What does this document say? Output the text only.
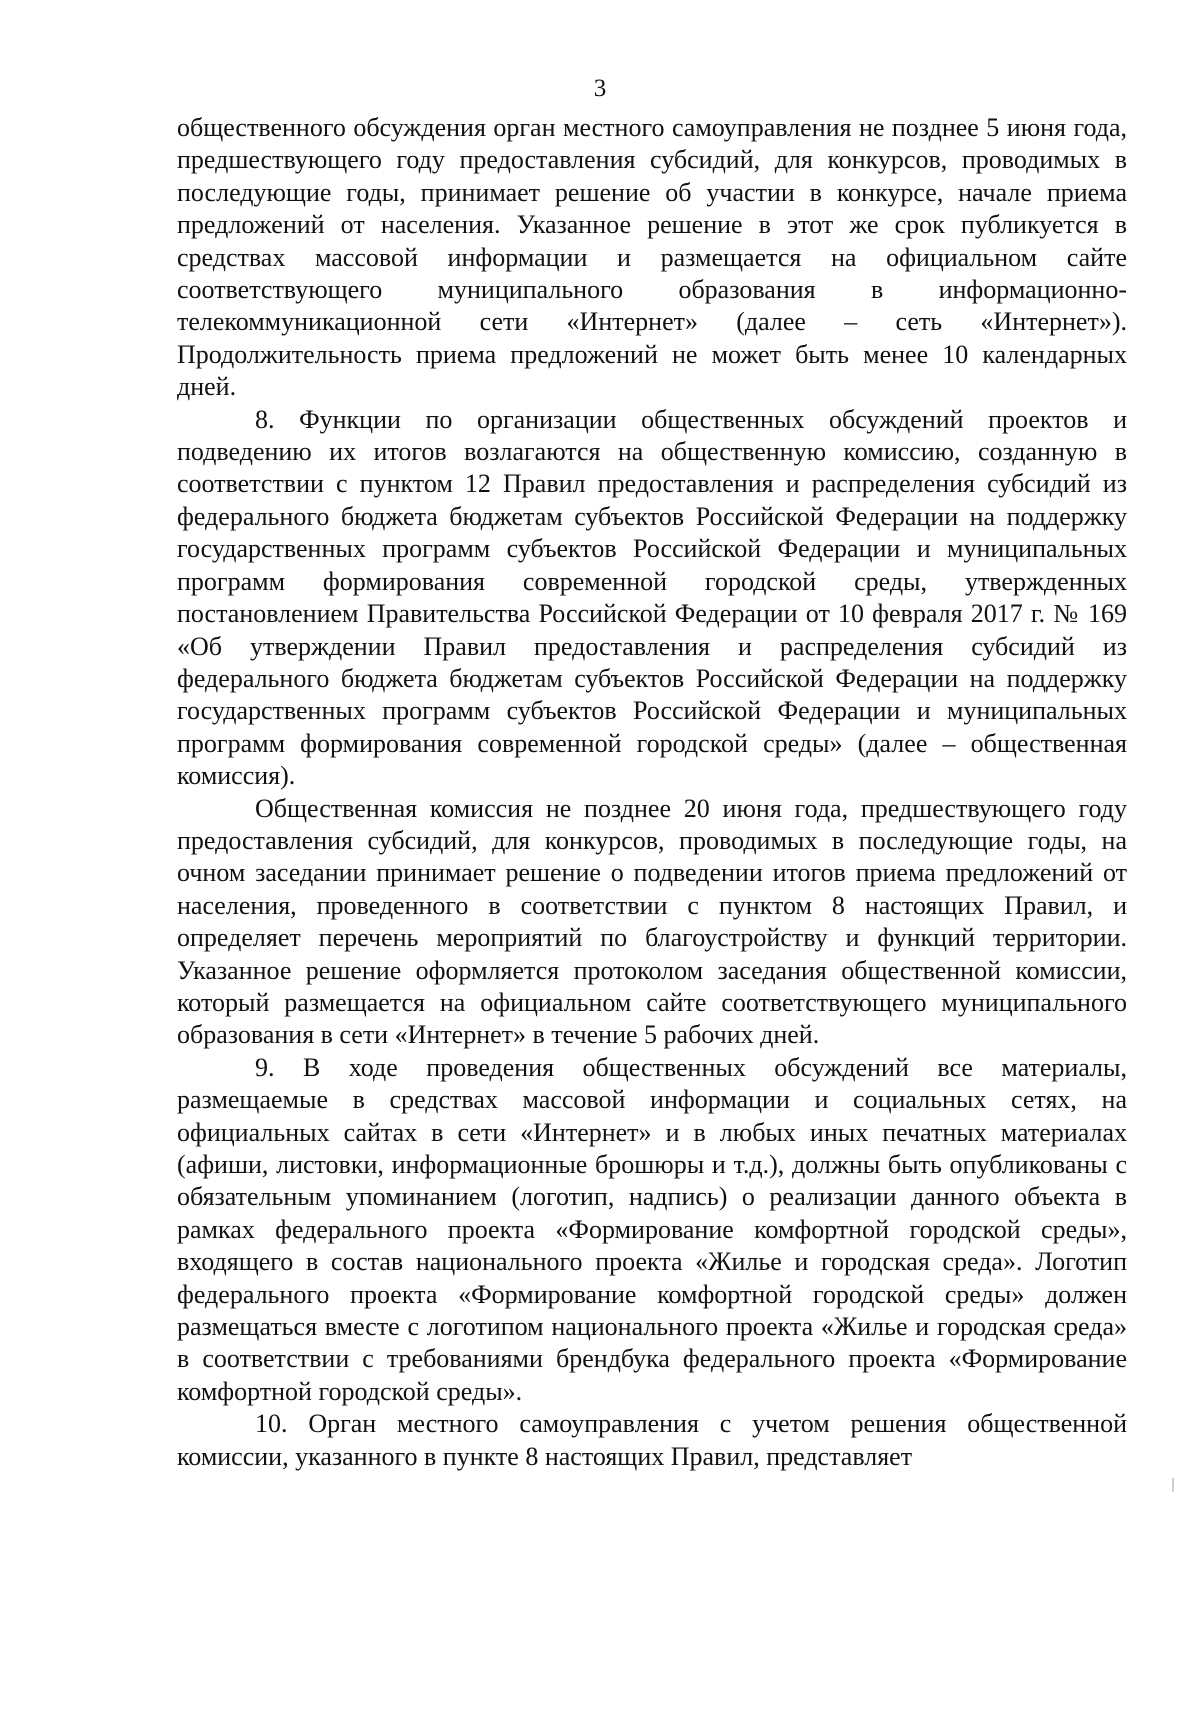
3

общественного обсуждения орган местного самоуправления не позднее 5 июня года, предшествующего году предоставления субсидий, для конкурсов, проводимых в последующие годы, принимает решение об участии в конкурсе, начале приема предложений от населения. Указанное решение в этот же срок публикуется в средствах массовой информации и размещается на официальном сайте соответствующего муниципального образования в информационно-телекоммуникационной сети «Интернет» (далее – сеть «Интернет»). Продолжительность приема предложений не может быть менее 10 календарных дней.

8. Функции по организации общественных обсуждений проектов и подведению их итогов возлагаются на общественную комиссию, созданную в соответствии с пунктом 12 Правил предоставления и распределения субсидий из федерального бюджета бюджетам субъектов Российской Федерации на поддержку государственных программ субъектов Российской Федерации и муниципальных программ формирования современной городской среды, утвержденных постановлением Правительства Российской Федерации от 10 февраля 2017 г. № 169 «Об утверждении Правил предоставления и распределения субсидий из федерального бюджета бюджетам субъектов Российской Федерации на поддержку государственных программ субъектов Российской Федерации и муниципальных программ формирования современной городской среды» (далее – общественная комиссия).

Общественная комиссия не позднее 20 июня года, предшествующего году предоставления субсидий, для конкурсов, проводимых в последующие годы, на очном заседании принимает решение о подведении итогов приема предложений от населения, проведенного в соответствии с пунктом 8 настоящих Правил, и определяет перечень мероприятий по благоустройству и функций территории. Указанное решение оформляется протоколом заседания общественной комиссии, который размещается на официальном сайте соответствующего муниципального образования в сети «Интернет» в течение 5 рабочих дней.

9. В ходе проведения общественных обсуждений все материалы, размещаемые в средствах массовой информации и социальных сетях, на официальных сайтах в сети «Интернет» и в любых иных печатных материалах (афиши, листовки, информационные брошюры и т.д.), должны быть опубликованы с обязательным упоминанием (логотип, надпись) о реализации данного объекта в рамках федерального проекта «Формирование комфортной городской среды», входящего в состав национального проекта «Жилье и городская среда». Логотип федерального проекта «Формирование комфортной городской среды» должен размещаться вместе с логотипом национального проекта «Жилье и городская среда» в соответствии с требованиями брендбука федерального проекта «Формирование комфортной городской среды».

10. Орган местного самоуправления с учетом решения общественной комиссии, указанного в пункте 8 настоящих Правил, представляет
